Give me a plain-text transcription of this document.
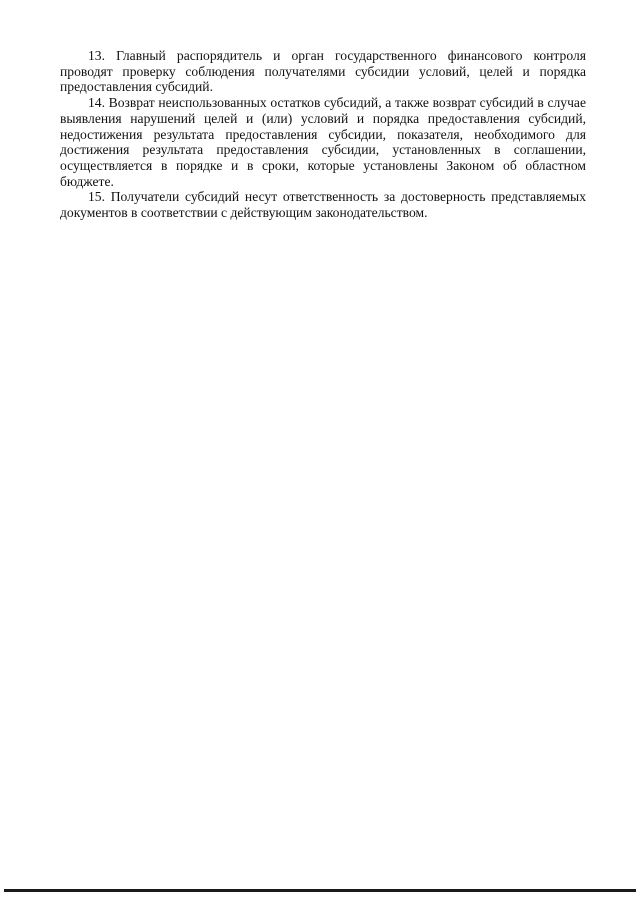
13. Главный распорядитель и орган государственного финансового контроля проводят проверку соблюдения получателями субсидии условий, целей и порядка предоставления субсидий.

14. Возврат неиспользованных остатков субсидий, а также возврат субсидий в случае выявления нарушений целей и (или) условий и порядка предоставления субсидий, недостижения результата предоставления субсидии, показателя, необходимого для достижения результата предоставления субсидии, установленных в соглашении, осуществляется в порядке и в сроки, которые установлены Законом об областном бюджете.

15. Получатели субсидий несут ответственность за достоверность представляемых документов в соответствии с действующим законодательством.
